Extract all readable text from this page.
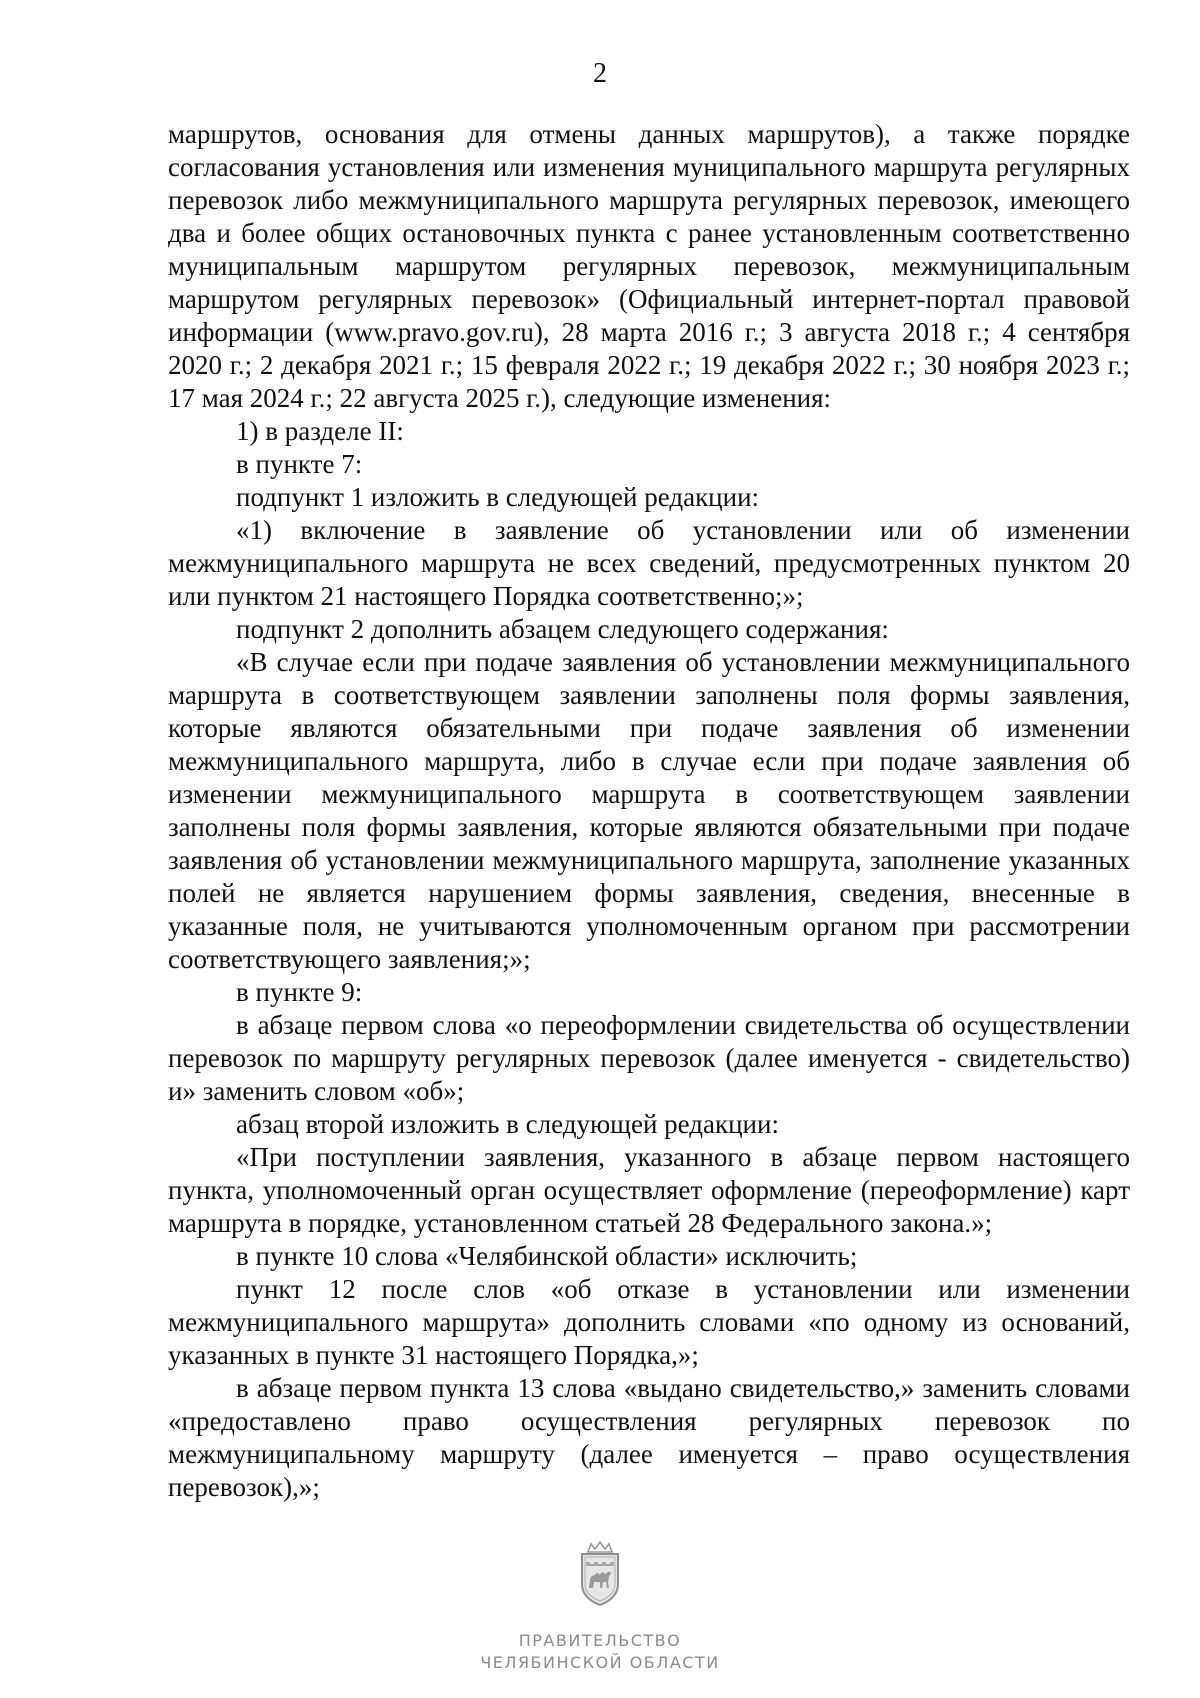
2

маршрутов, основания для отмены данных маршрутов), а также порядке согласования установления или изменения муниципального маршрута регулярных перевозок либо межмуниципального маршрута регулярных перевозок, имеющего два и более общих остановочных пункта с ранее установленным соответственно муниципальным маршрутом регулярных перевозок, межмуниципальным маршрутом регулярных перевозок» (Официальный интернет-портал правовой информации (www.pravo.gov.ru), 28 марта 2016 г.; 3 августа 2018 г.; 4 сентября 2020 г.; 2 декабря 2021 г.; 15 февраля 2022 г.; 19 декабря 2022 г.; 30 ноября 2023 г.; 17 мая 2024 г.; 22 августа 2025 г.), следующие изменения:

1) в разделе II:

в пункте 7:

подпункт 1 изложить в следующей редакции:

«1) включение в заявление об установлении или об изменении межмуниципального маршрута не всех сведений, предусмотренных пунктом 20 или пунктом 21 настоящего Порядка соответственно;»;

подпункт 2 дополнить абзацем следующего содержания:

«В случае если при подаче заявления об установлении межмуниципального маршрута в соответствующем заявлении заполнены поля формы заявления, которые являются обязательными при подаче заявления об изменении межмуниципального маршрута, либо в случае если при подаче заявления об изменении межмуниципального маршрута в соответствующем заявлении заполнены поля формы заявления, которые являются обязательными при подаче заявления об установлении межмуниципального маршрута, заполнение указанных полей не является нарушением формы заявления, сведения, внесенные в указанные поля, не учитываются уполномоченным органом при рассмотрении соответствующего заявления;»;

в пункте 9:

в абзаце первом слова «о переоформлении свидетельства об осуществлении перевозок по маршруту регулярных перевозок (далее именуется - свидетельство) и» заменить словом «об»;

абзац второй изложить в следующей редакции:

«При поступлении заявления, указанного в абзаце первом настоящего пункта, уполномоченный орган осуществляет оформление (переоформление) карт маршрута в порядке, установленном статьей 28 Федерального закона.»;

в пункте 10 слова «Челябинской области» исключить;

пункт 12 после слов «об отказе в установлении или изменении межмуниципального маршрута» дополнить словами «по одному из оснований, указанных в пункте 31 настоящего Порядка,»;

в абзаце первом пункта 13 слова «выдано свидетельство,» заменить словами «предоставлено право осуществления регулярных перевозок по межмуниципальному маршруту (далее именуется – право осуществления перевозок),»;

ПРАВИТЕЛЬСТВО
ЧЕЛЯБИНСКОЙ ОБЛАСТИ
